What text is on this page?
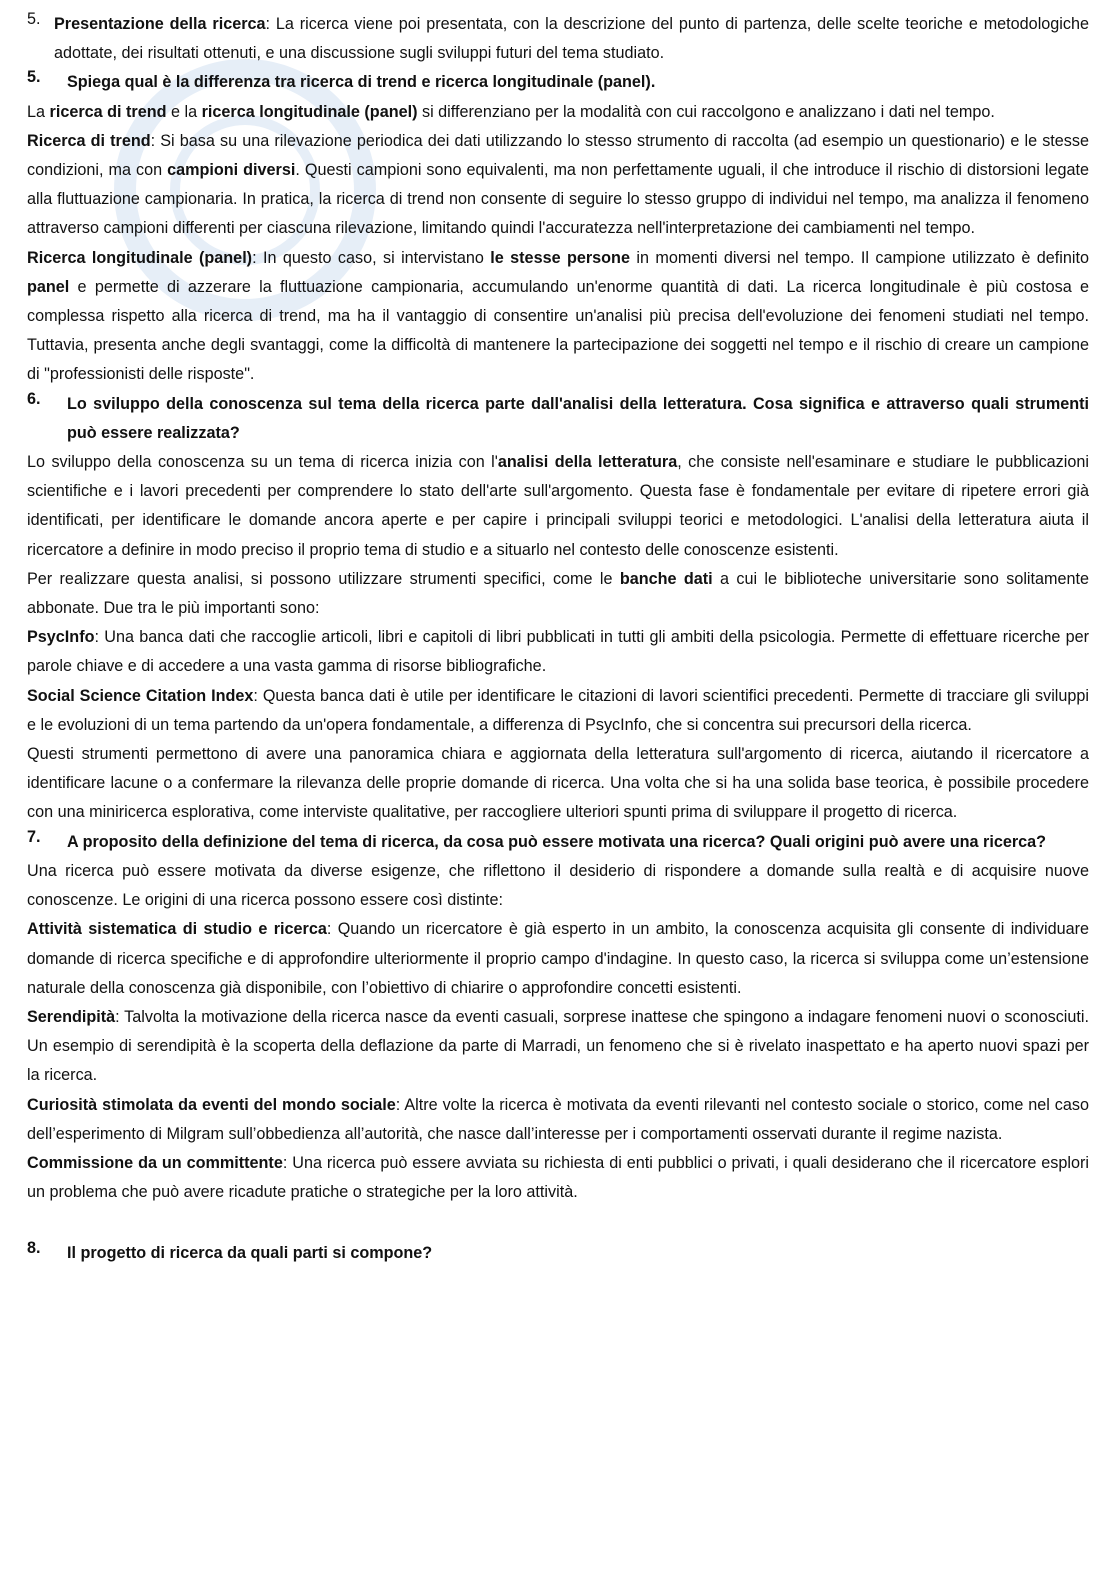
5. Presentazione della ricerca: La ricerca viene poi presentata, con la descrizione del punto di partenza, delle scelte teoriche e metodologiche adottate, dei risultati ottenuti, e una discussione sugli sviluppi futuri del tema studiato.
5.	Spiega qual è la differenza tra ricerca di trend e ricerca longitudinale (panel).

La ricerca di trend e la ricerca longitudinale (panel) si differenziano per la modalità con cui raccolgono e analizzano i dati nel tempo.

Ricerca di trend: Si basa su una rilevazione periodica dei dati utilizzando lo stesso strumento di raccolta (ad esempio un questionario) e le stesse condizioni, ma con campioni diversi. Questi campioni sono equivalenti, ma non perfettamente uguali, il che introduce il rischio di distorsioni legate alla fluttuazione campionaria. In pratica, la ricerca di trend non consente di seguire lo stesso gruppo di individui nel tempo, ma analizza il fenomeno attraverso campioni differenti per ciascuna rilevazione, limitando quindi l'accuratezza nell'interpretazione dei cambiamenti nel tempo.

Ricerca longitudinale (panel): In questo caso, si intervistano le stesse persone in momenti diversi nel tempo. Il campione utilizzato è definito panel e permette di azzerare la fluttuazione campionaria, accumulando un'enorme quantità di dati. La ricerca longitudinale è più costosa e complessa rispetto alla ricerca di trend, ma ha il vantaggio di consentire un'analisi più precisa dell'evoluzione dei fenomeni studiati nel tempo. Tuttavia, presenta anche degli svantaggi, come la difficoltà di mantenere la partecipazione dei soggetti nel tempo e il rischio di creare un campione di "professionisti delle risposte".

6.	Lo sviluppo della conoscenza sul tema della ricerca parte dall'analisi della letteratura. Cosa significa e attraverso quali strumenti può essere realizzata?

Lo sviluppo della conoscenza su un tema di ricerca inizia con l'analisi della letteratura, che consiste nell'esaminare e studiare le pubblicazioni scientifiche e i lavori precedenti per comprendere lo stato dell'arte sull'argomento. Questa fase è fondamentale per evitare di ripetere errori già identificati, per identificare le domande ancora aperte e per capire i principali sviluppi teorici e metodologici. L'analisi della letteratura aiuta il ricercatore a definire in modo preciso il proprio tema di studio e a situarlo nel contesto delle conoscenze esistenti.

Per realizzare questa analisi, si possono utilizzare strumenti specifici, come le banche dati a cui le biblioteche universitarie sono solitamente abbonate. Due tra le più importanti sono:

PsycInfo: Una banca dati che raccoglie articoli, libri e capitoli di libri pubblicati in tutti gli ambiti della psicologia. Permette di effettuare ricerche per parole chiave e di accedere a una vasta gamma di risorse bibliografiche.

Social Science Citation Index: Questa banca dati è utile per identificare le citazioni di lavori scientifici precedenti. Permette di tracciare gli sviluppi e le evoluzioni di un tema partendo da un'opera fondamentale, a differenza di PsycInfo, che si concentra sui precursori della ricerca.

Questi strumenti permettono di avere una panoramica chiara e aggiornata della letteratura sull'argomento di ricerca, aiutando il ricercatore a identificare lacune o a confermare la rilevanza delle proprie domande di ricerca. Una volta che si ha una solida base teorica, è possibile procedere con una miniricerca esplorativa, come interviste qualitative, per raccogliere ulteriori spunti prima di sviluppare il progetto di ricerca.

7.	A proposito della definizione del tema di ricerca, da cosa può essere motivata una ricerca? Quali origini può avere una ricerca?

Una ricerca può essere motivata da diverse esigenze, che riflettono il desiderio di rispondere a domande sulla realtà e di acquisire nuove conoscenze. Le origini di una ricerca possono essere così distinte:

Attività sistematica di studio e ricerca: Quando un ricercatore è già esperto in un ambito, la conoscenza acquisita gli consente di individuare domande di ricerca specifiche e di approfondire ulteriormente il proprio campo d'indagine. In questo caso, la ricerca si sviluppa come un’estensione naturale della conoscenza già disponibile, con l’obiettivo di chiarire o approfondire concetti esistenti.

Serendipità: Talvolta la motivazione della ricerca nasce da eventi casuali, sorprese inattese che spingono a indagare fenomeni nuovi o sconosciuti. Un esempio di serendipità è la scoperta della deflazione da parte di Marradi, un fenomeno che si è rivelato inaspettato e ha aperto nuovi spazi per la ricerca.

Curiosità stimolata da eventi del mondo sociale: Altre volte la ricerca è motivata da eventi rilevanti nel contesto sociale o storico, come nel caso dell’esperimento di Milgram sull’obbedienza all’autorità, che nasce dall’interesse per i comportamenti osservati durante il regime nazista.

Commissione da un committente: Una ricerca può essere avviata su richiesta di enti pubblici o privati, i quali desiderano che il ricercatore esplori un problema che può avere ricadute pratiche o strategiche per la loro attività.

8.	Il progetto di ricerca da quali parti si compone?
